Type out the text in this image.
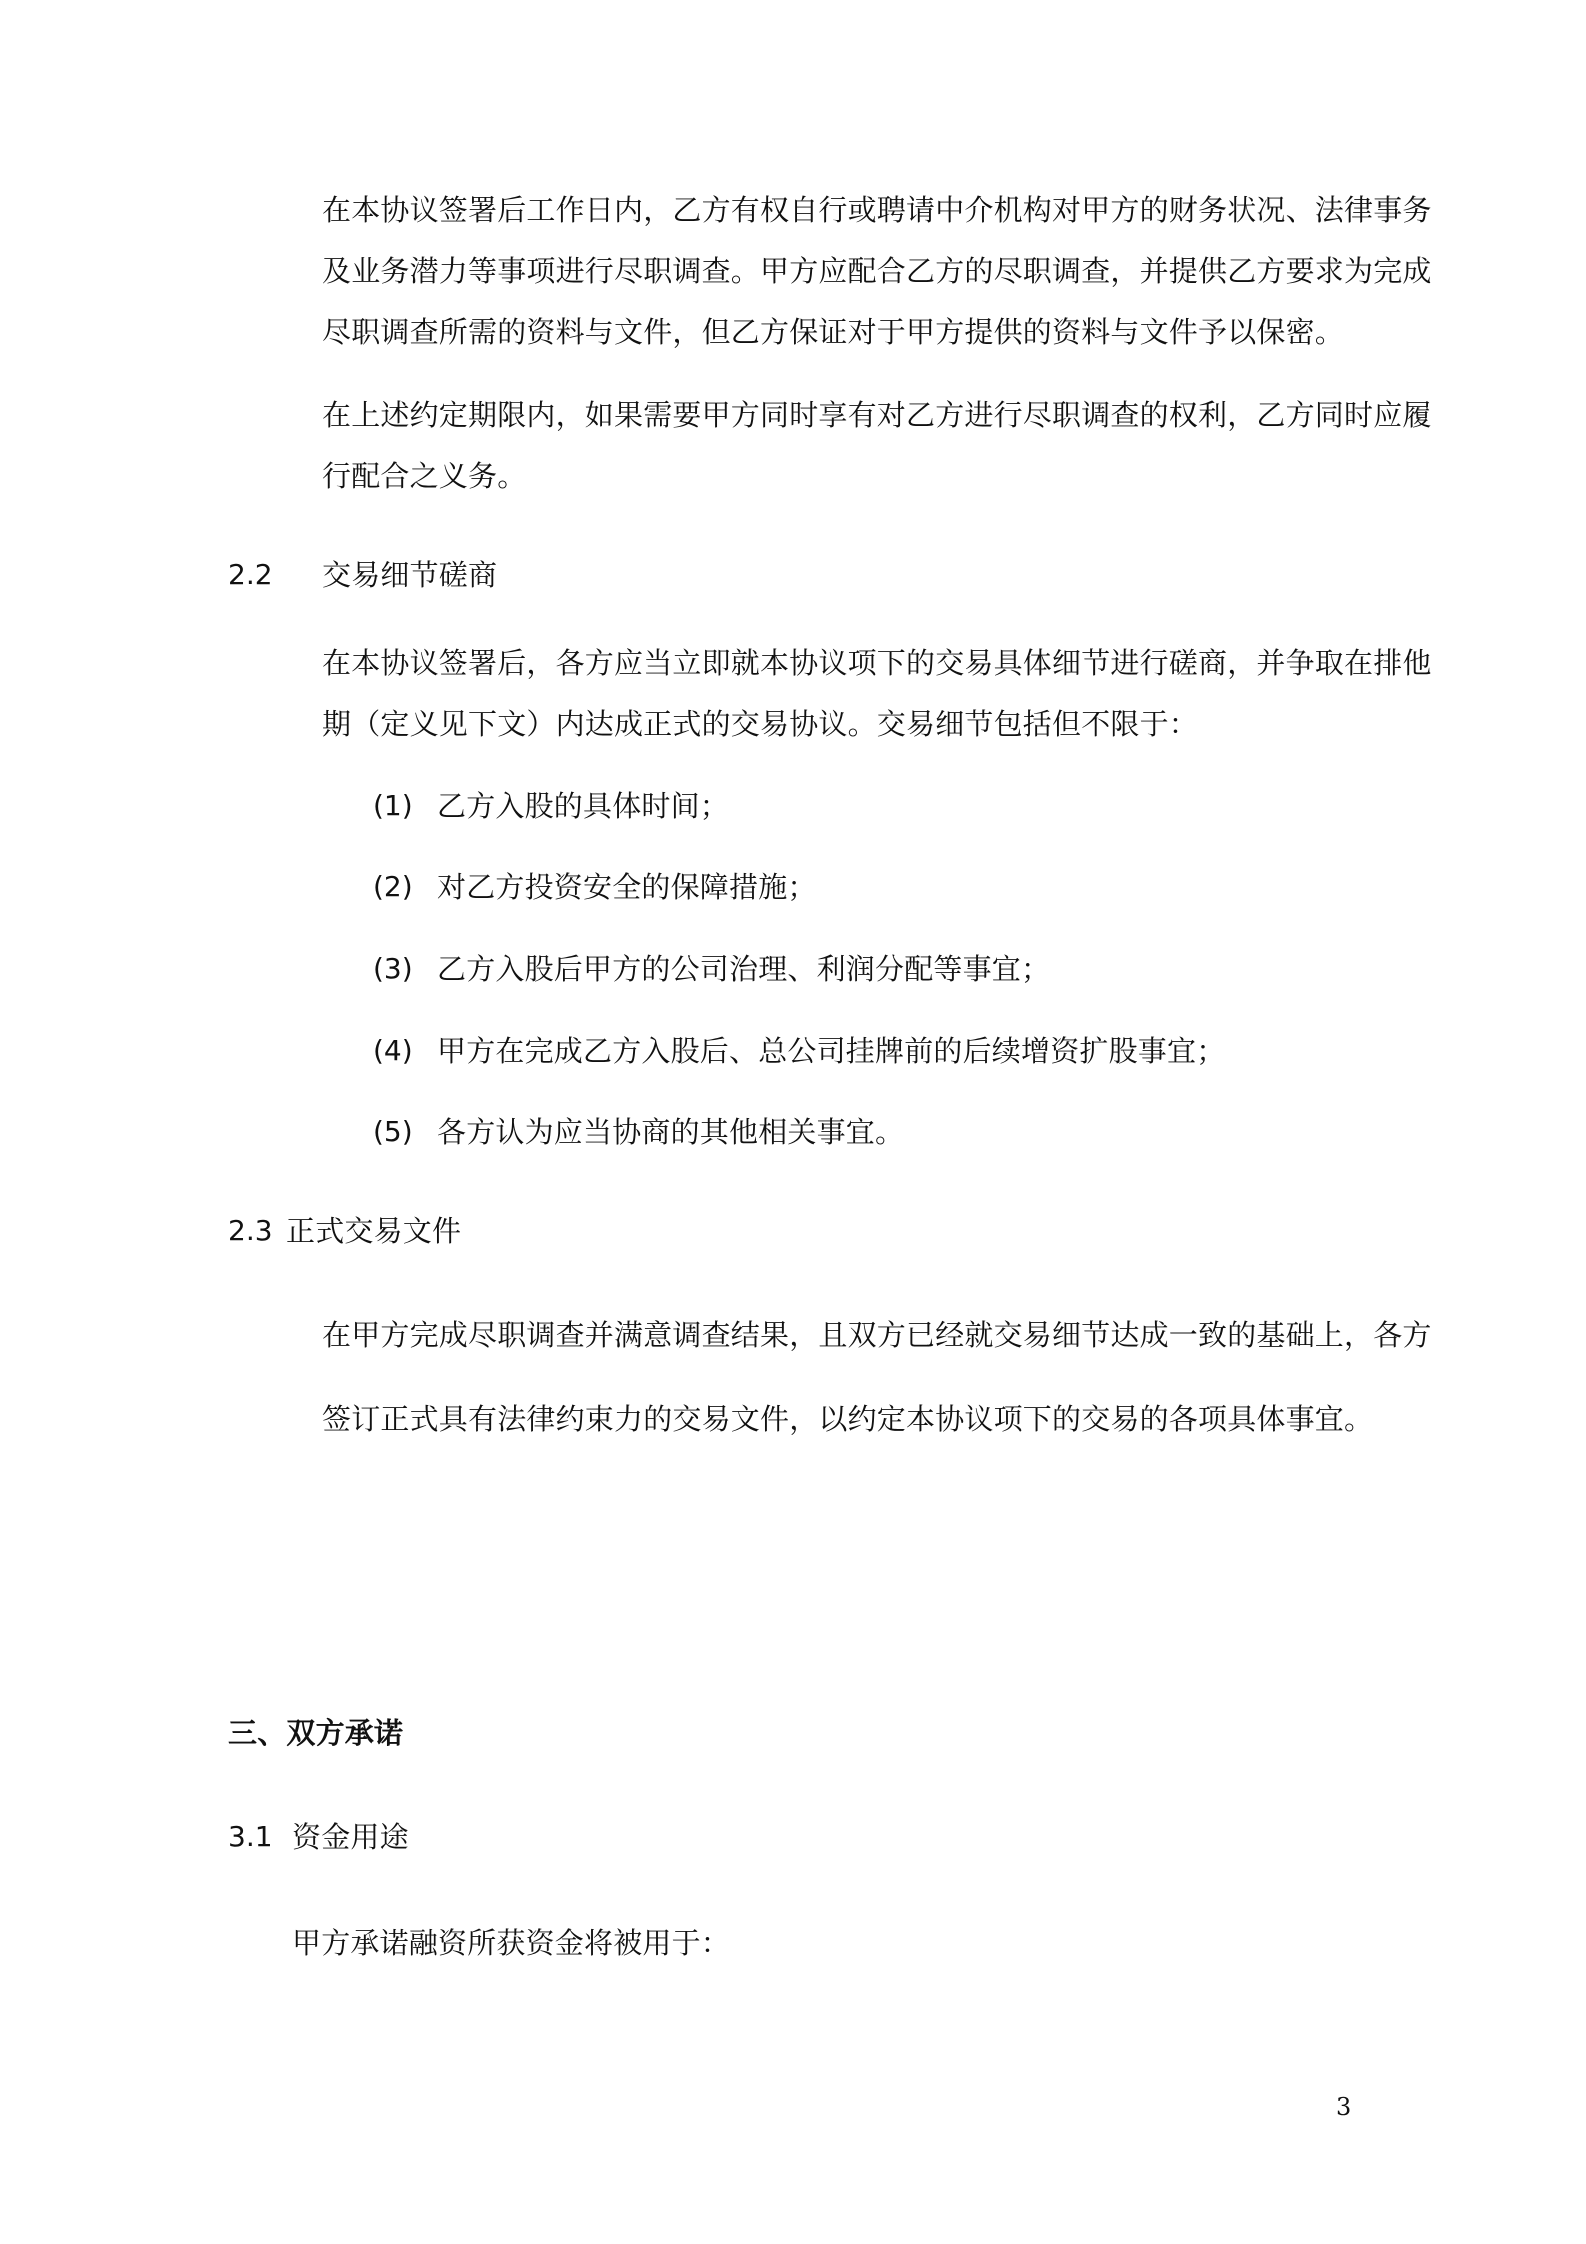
在本协议签署后工作日内，乙方有权自行或聘请中介机构对甲方的财务状况、法律事务
及业务潜力等事项进行尽职调查。甲方应配合乙方的尽职调查，并提供乙方要求为完成
尽职调查所需的资料与文件，但乙方保证对于甲方提供的资料与文件予以保密。
在上述约定期限内，如果需要甲方同时享有对乙方进行尽职调查的权利，乙方同时应履
行配合之义务。
2.2 交易细节磋商
在本协议签署后，各方应当立即就本协议项下的交易具体细节进行磋商，并争取在排他
期（定义见下文）内达成正式的交易协议。交易细节包括但不限于：
(1) 乙方入股的具体时间；
(2) 对乙方投资安全的保障措施；
(3) 乙方入股后甲方的公司治理、利润分配等事宜；
(4) 甲方在完成乙方入股后、总公司挂牌前的后续增资扩股事宜；
(5) 各方认为应当协商的其他相关事宜。
2.3 正式交易文件
在甲方完成尽职调查并满意调查结果，且双方已经就交易细节达成一致的基础上，各方
签订正式具有法律约束力的交易文件，以约定本协议项下的交易的各项具体事宜。
三、双方承诺
3.1 资金用途
甲方承诺融资所获资金将被用于：
3
